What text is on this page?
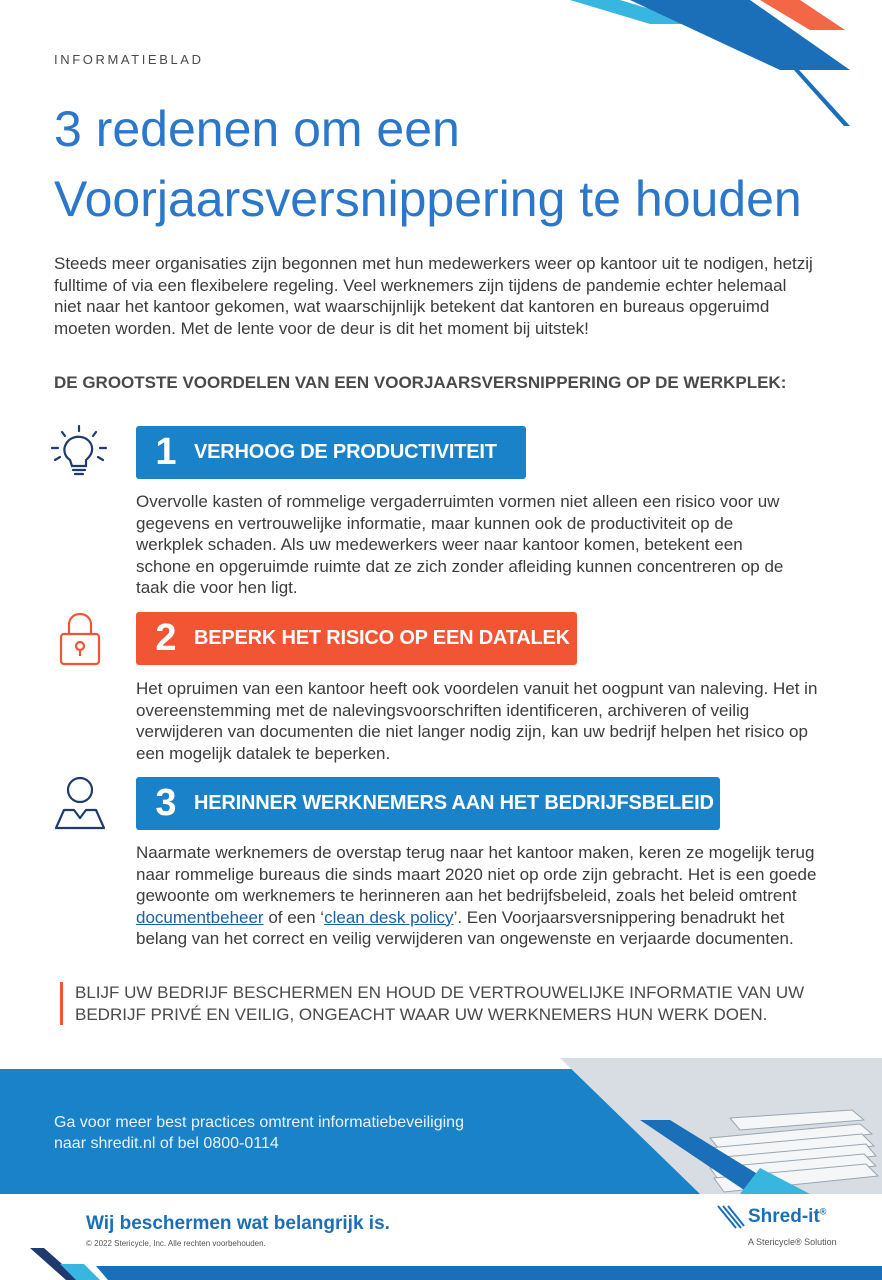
INFORMATIEBLAD
3 redenen om een
Voorjaarsversnippering te houden
Steeds meer organisaties zijn begonnen met hun medewerkers weer op kantoor uit te nodigen, hetzij fulltime of via een flexibelere regeling. Veel werknemers zijn tijdens de pandemie echter helemaal niet naar het kantoor gekomen, wat waarschijnlijk betekent dat kantoren en bureaus opgeruimd moeten worden. Met de lente voor de deur is dit het moment bij uitstek!
DE GROOTSTE VOORDELEN VAN EEN VOORJAARSVERSNIPPERING OP DE WERKPLEK:
1 VERHOOG DE PRODUCTIVITEIT
Overvolle kasten of rommelige vergaderruimten vormen niet alleen een risico voor uw gegevens en vertrouwelijke informatie, maar kunnen ook de productiviteit op de werkplek schaden. Als uw medewerkers weer naar kantoor komen, betekent een schone en opgeruimde ruimte dat ze zich zonder afleiding kunnen concentreren op de taak die voor hen ligt.
2 BEPERK HET RISICO OP EEN DATALEK
Het opruimen van een kantoor heeft ook voordelen vanuit het oogpunt van naleving. Het in overeenstemming met de nalevingsvoorschriften identificeren, archiveren of veilig verwijderen van documenten die niet langer nodig zijn, kan uw bedrijf helpen het risico op een mogelijk datalek te beperken.
3 HERINNER WERKNEMERS AAN HET BEDRIJFSBELEID
Naarmate werknemers de overstap terug naar het kantoor maken, keren ze mogelijk terug naar rommelige bureaus die sinds maart 2020 niet op orde zijn gebracht. Het is een goede gewoonte om werknemers te herinneren aan het bedrijfsbeleid, zoals het beleid omtrent documentbeheer of een ‘clean desk policy’. Een Voorjaarsversnippering benadrukt het belang van het correct en veilig verwijderen van ongewenste en verjaarde documenten.
BLIJF UW BEDRIJF BESCHERMEN EN HOUD DE VERTROUWELIJKE INFORMATIE VAN UW BEDRIJF PRIVÉ EN VEILIG, ONGEACHT WAAR UW WERKNEMERS HUN WERK DOEN.
Ga voor meer best practices omtrent informatiebeveiliging
naar shredit.nl of bel 0800-0114
Wij beschermen wat belangrijk is.
© 2022 Stericycle, Inc. Alle rechten voorbehouden.
Shred-it®
A Stericycle® Solution
